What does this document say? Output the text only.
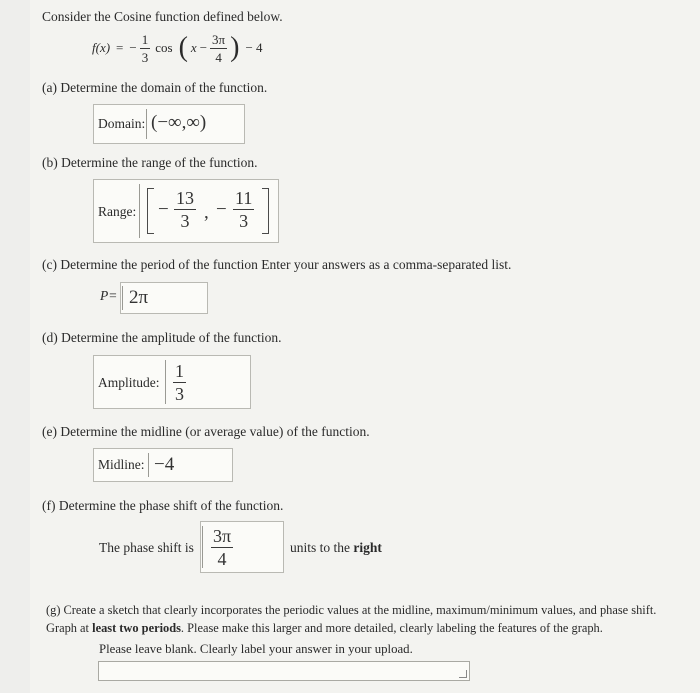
Consider the Cosine function defined below.
f(x) = − $\frac{1}{3}$ cos ( $x - \frac{3\pi}{4}$ ) − 4
(a) Determine the domain of the function.
Domain: (−∞,∞)
(b) Determine the range of the function.
Range: − $\frac{13}{3}$ , − $\frac{11}{3}$
(c) Determine the period of the function Enter your answers as a comma-separated list.
P= 2π
(d) Determine the amplitude of the function.
Amplitude: $\frac{1}{3}$
(e) Determine the midline (or average value) of the function.
Midline: −4
(f) Determine the phase shift of the function.
The phase shift is $\frac{3\pi}{4}$	units to the right
(g) Create a sketch that clearly incorporates the periodic values at the midline, maximum/minimum values, and phase shift.
Graph at least two periods. Please make this larger and more detailed, clearly labeling the features of the graph.
Please leave blank. Clearly label your answer in your upload.
